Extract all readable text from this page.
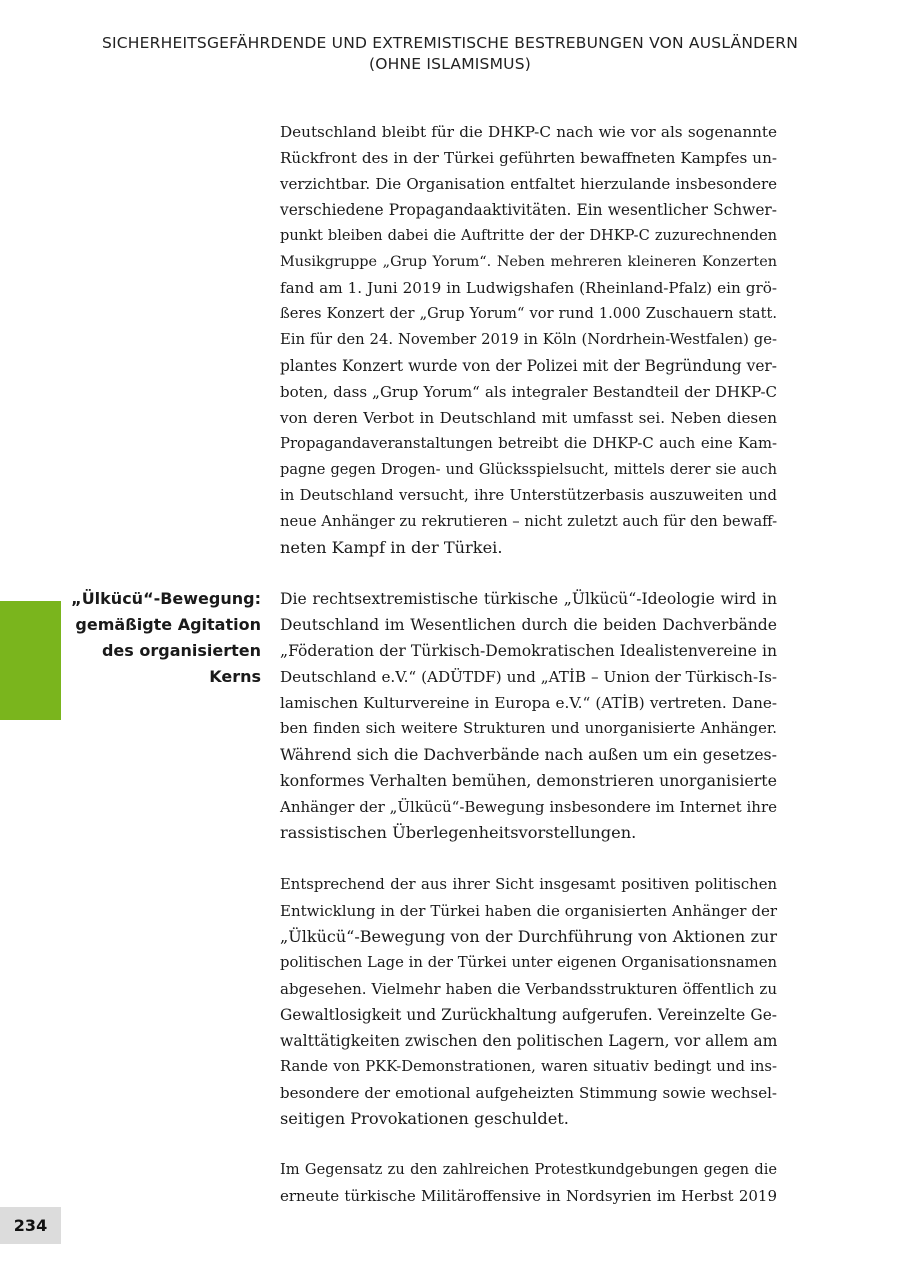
SICHERHEITSGEFÄHRDENDE UND EXTREMISTISCHE BESTREBUNGEN VON AUSLÄNDERN
(OHNE ISLAMISMUS)
„Ülkücü“-Bewegung:
gemäßigte Agitation
des organisierten
Kerns
Deutschland bleibt für die DHKP-C nach wie vor als sogenannte
Rückfront des in der Türkei geführten bewaffneten Kampfes un-
verzichtbar. Die Organisation entfaltet hierzulande insbesondere
verschiedene Propagandaaktivitäten. Ein wesentlicher Schwer-
punkt bleiben dabei die Auftritte der der DHKP-C zuzurechnenden
Musikgruppe „Grup Yorum“. Neben mehreren kleineren Konzerten
fand am 1. Juni 2019 in Ludwigshafen (Rheinland-Pfalz) ein grö-
ßeres Konzert der „Grup Yorum“ vor rund 1.000 Zuschauern statt.
Ein für den 24. November 2019 in Köln (Nordrhein-Westfalen) ge-
plantes Konzert wurde von der Polizei mit der Begründung ver-
boten, dass „Grup Yorum“ als integraler Bestandteil der DHKP-C
von deren Verbot in Deutschland mit umfasst sei. Neben diesen
Propagandaveranstaltungen betreibt die DHKP-C auch eine Kam-
pagne gegen Drogen- und Glücksspielsucht, mittels derer sie auch
in Deutschland versucht, ihre Unterstützerbasis auszuweiten und
neue Anhänger zu rekrutieren – nicht zuletzt auch für den bewaff-
neten Kampf in der Türkei.
Die rechtsextremistische türkische „Ülkücü“-Ideologie wird in
Deutschland im Wesentlichen durch die beiden Dachverbände
„Föderation der Türkisch-Demokratischen Idealistenvereine in
Deutschland e.V.“ (ADÜTDF) und „ATİB – Union der Türkisch-Is-
lamischen Kulturvereine in Europa e.V.“ (ATİB) vertreten. Dane-
ben finden sich weitere Strukturen und unorganisierte Anhänger.
Während sich die Dachverbände nach außen um ein gesetzes-
konformes Verhalten bemühen, demonstrieren unorganisierte
Anhänger der „Ülkücü“-Bewegung insbesondere im Internet ihre
rassistischen Überlegenheitsvorstellungen.
Entsprechend der aus ihrer Sicht insgesamt positiven politischen
Entwicklung in der Türkei haben die organisierten Anhänger der
„Ülkücü“-Bewegung von der Durchführung von Aktionen zur
politischen Lage in der Türkei unter eigenen Organisationsnamen
abgesehen. Vielmehr haben die Verbandsstrukturen öffentlich zu
Gewaltlosigkeit und Zurückhaltung aufgerufen. Vereinzelte Ge-
walttätigkeiten zwischen den politischen Lagern, vor allem am
Rande von PKK-Demonstrationen, waren situativ bedingt und ins-
besondere der emotional aufgeheizten Stimmung sowie wechsel-
seitigen Provokationen geschuldet.
Im Gegensatz zu den zahlreichen Protestkundgebungen gegen die
erneute türkische Militäroffensive in Nordsyrien im Herbst 2019
234
